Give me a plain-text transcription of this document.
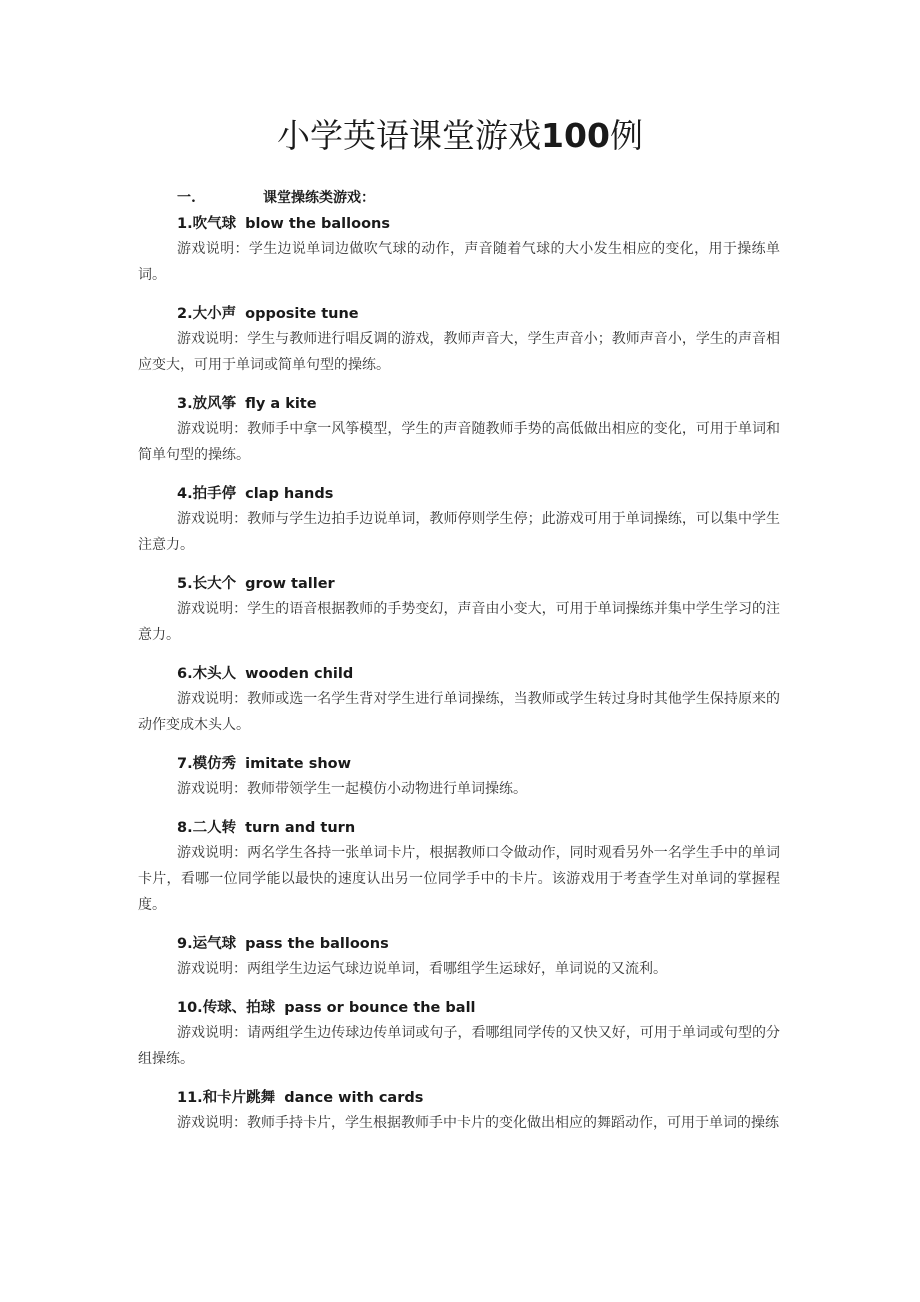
小学英语课堂游戏100例
一.	课堂操练类游戏：
1.吹气球 blow the balloons
游戏说明：学生边说单词边做吹气球的动作，声音随着气球的大小发生相应的变化，用于操练单词。
2.大小声 opposite tune
游戏说明：学生与教师进行唱反调的游戏，教师声音大，学生声音小；教师声音小，学生的声音相应变大，可用于单词或简单句型的操练。
3.放风筝 fly a kite
游戏说明：教师手中拿一风筝模型，学生的声音随教师手势的高低做出相应的变化，可用于单词和简单句型的操练。
4.拍手停 clap hands
游戏说明：教师与学生边拍手边说单词，教师停则学生停；此游戏可用于单词操练，可以集中学生注意力。
5.长大个 grow taller
游戏说明：学生的语音根据教师的手势变幻，声音由小变大，可用于单词操练并集中学生学习的注意力。
6.木头人 wooden child
游戏说明：教师或选一名学生背对学生进行单词操练，当教师或学生转过身时其他学生保持原来的动作变成木头人。
7.模仿秀 imitate show
游戏说明：教师带领学生一起模仿小动物进行单词操练。
8.二人转 turn and turn
游戏说明：两名学生各持一张单词卡片，根据教师口令做动作，同时观看另外一名学生手中的单词卡片，看哪一位同学能以最快的速度认出另一位同学手中的卡片。该游戏用于考查学生对单词的掌握程度。
9.运气球 pass the balloons
游戏说明：两组学生边运气球边说单词，看哪组学生运球好，单词说的又流利。
10.传球、拍球 pass or bounce the ball
游戏说明：请两组学生边传球边传单词或句子，看哪组同学传的又快又好，可用于单词或句型的分组操练。
11.和卡片跳舞 dance with cards
游戏说明：教师手持卡片，学生根据教师手中卡片的变化做出相应的舞蹈动作，可用于单词的操练
